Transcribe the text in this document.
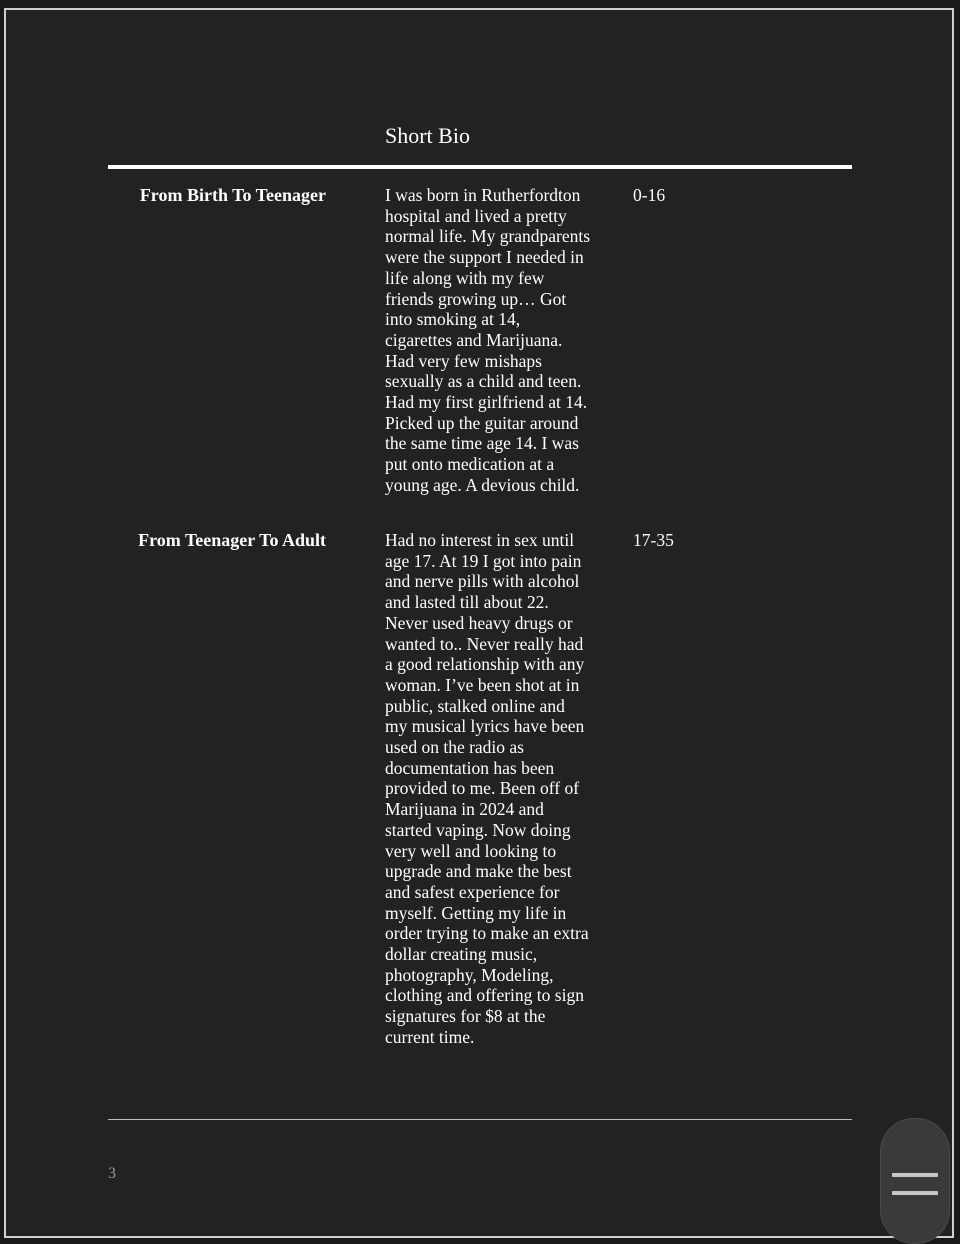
Short Bio
From Birth To Teenager	I was born in Rutherfordton
hospital and lived a pretty
normal life. My grandparents
were the support I needed in
life along with my few
friends growing up… Got
into smoking at 14,
cigarettes and Marijuana.
Had very few mishaps
sexually as a child and teen.
Had my first girlfriend at 14.
Picked up the guitar around
the same time age 14. I was
put onto medication at a
young age. A devious child.
0-16
From Teenager To Adult	Had no interest in sex until
age 17. At 19 I got into pain
and nerve pills with alcohol
and lasted till about 22.
Never used heavy drugs or
wanted to.. Never really had
a good relationship with any
woman. I’ve been shot at in
public, stalked online and
my musical lyrics have been
used on the radio as
documentation has been
provided to me. Been off of
Marijuana in 2024 and
started vaping. Now doing
very well and looking to
upgrade and make the best
and safest experience for
myself. Getting my life in
order trying to make an extra
dollar creating music,
photography, Modeling,
clothing and offering to sign
signatures for $8 at the
current time.
17-35
3
